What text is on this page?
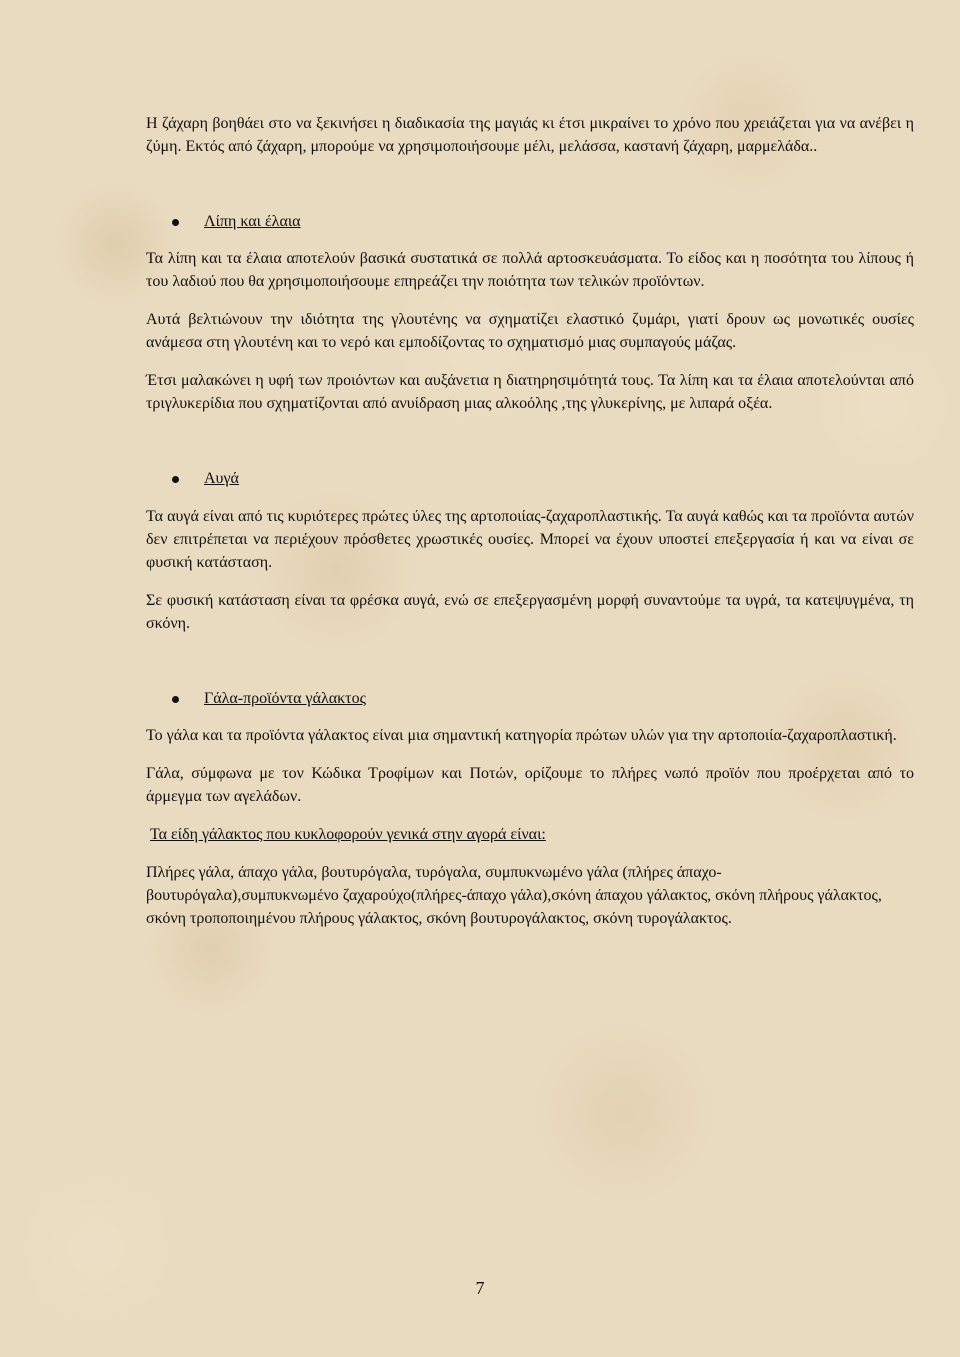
Η ζάχαρη βοηθάει στο να ξεκινήσει η διαδικασία της μαγιάς κι έτσι μικραίνει το χρόνο που χρειάζεται για να ανέβει η ζύμη. Εκτός από ζάχαρη, μπορούμε να χρησιμοποιήσουμε μέλι, μελάσσα, καστανή ζάχαρη, μαρμελάδα..

Λίπη και έλαια

Τα λίπη και τα έλαια αποτελούν βασικά συστατικά σε πολλά αρτοσκευάσματα. Το είδος και η ποσότητα του λίπους ή του λαδιού που θα χρησιμοποιήσουμε επηρεάζει την ποιότητα των τελικών προϊόντων.

Αυτά βελτιώνουν την ιδιότητα της γλουτένης να σχηματίζει ελαστικό ζυμάρι, γιατί δρουν ως μονωτικές ουσίες ανάμεσα στη γλουτένη και το νερό και εμποδίζοντας το σχηματισμό μιας συμπαγούς μάζας.

Έτσι μαλακώνει η υφή των προιόντων και αυξάνετια η διατηρησιμότητά τους. Τα λίπη και τα έλαια αποτελούνται από τριγλυκερίδια που σχηματίζονται από ανυίδραση μιας αλκοόλης ,της γλυκερίνης, με λιπαρά οξέα.

Αυγά

Τα αυγά είναι από τις κυριότερες πρώτες ύλες της αρτοποιίας-ζαχαροπλαστικής. Τα αυγά καθώς και τα προϊόντα αυτών δεν επιτρέπεται να περιέχουν πρόσθετες χρωστικές ουσίες. Μπορεί να έχουν υποστεί επεξεργασία ή και να είναι σε φυσική κατάσταση.

Σε φυσική κατάσταση είναι τα φρέσκα αυγά, ενώ σε επεξεργασμένη μορφή συναντούμε τα υγρά, τα κατεψυγμένα, τη σκόνη.

Γάλα-προϊόντα γάλακτος

Το γάλα και τα προϊόντα γάλακτος είναι μια σημαντική κατηγορία πρώτων υλών για την αρτοποιία-ζαχαροπλαστική.

Γάλα, σύμφωνα με τον Κώδικα Τροφίμων και Ποτών, ορίζουμε το πλήρες νωπό προϊόν που προέρχεται από το άρμεγμα των αγελάδων.

Τα είδη γάλακτος που κυκλοφορούν γενικά στην αγορά είναι:

Πλήρες γάλα, άπαχο γάλα, βουτυρόγαλα, τυρόγαλα, συμπυκνωμένο γάλα (πλήρες άπαχο-βουτυρόγαλα),συμπυκνωμένο ζαχαρούχο(πλήρες-άπαχο γάλα),σκόνη άπαχου γάλακτος, σκόνη πλήρους γάλακτος, σκόνη τροποποιημένου πλήρους γάλακτος, σκόνη βουτυρογάλακτος, σκόνη τυρογάλακτος.

7
